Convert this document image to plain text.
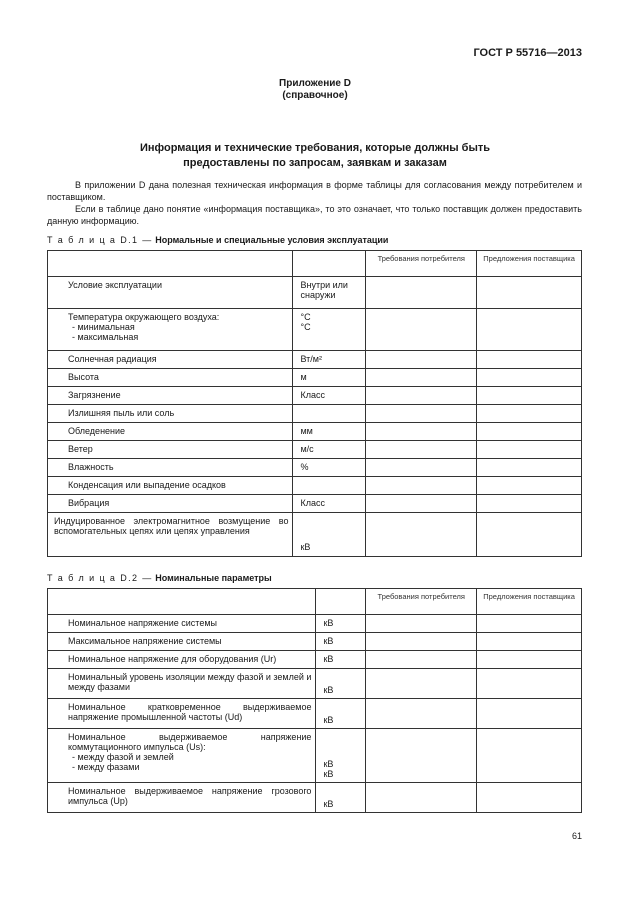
ГОСТ Р 55716—2013
Приложение D
(справочное)
Информация и технические требования, которые должны быть
предоставлены по запросам, заявкам и заказам
В приложении D дана полезная техническая информация в форме таблицы для согласования между потребителем и поставщиком.
Если в таблице дано понятие «информация поставщика», то это означает, что только поставщик должен предоставить данную информацию.
Т а б л и ц а D.1 — Нормальные и специальные условия эксплуатации
		Требования потребителя	Предложения поставщика
Условие эксплуатации	Внутри или снаружи		

Температура окружающего воздуха:
- минимальная
- максимальная	°C
°C		

Солнечная радиация	Вт/м²		
Высота	м		
Загрязнение	Класс		
Излишняя пыль или соль			
Обледенение	мм		
Ветер	м/с		
Влажность	%		
Конденсация или выпадение осадков			
Вибрация	Класс		
Индуцированное электромагнитное возмущение во вспомогательных цепях или цепях управления	кВ		
Т а б л и ц а D.2 — Номинальные параметры
		Требования потребителя	Предложения поставщика
Номинальное напряжение системы	кВ		
Максимальное напряжение системы	кВ		
Номинальное напряжение для оборудования (Ur)	кВ		
Номинальный уровень изоляции между фазой и землей и между фазами	кВ		
Номинальное кратковременное выдерживаемое напряжение промышленной частоты (Ud)	кВ		

Номинальное выдерживаемое напряжение коммутационного импульса (Us):
- между фазой и землей
- между фазами	кВ
кВ		

Номинальное выдерживаемое напряжение грозового импульса (Up)	кВ		
61
